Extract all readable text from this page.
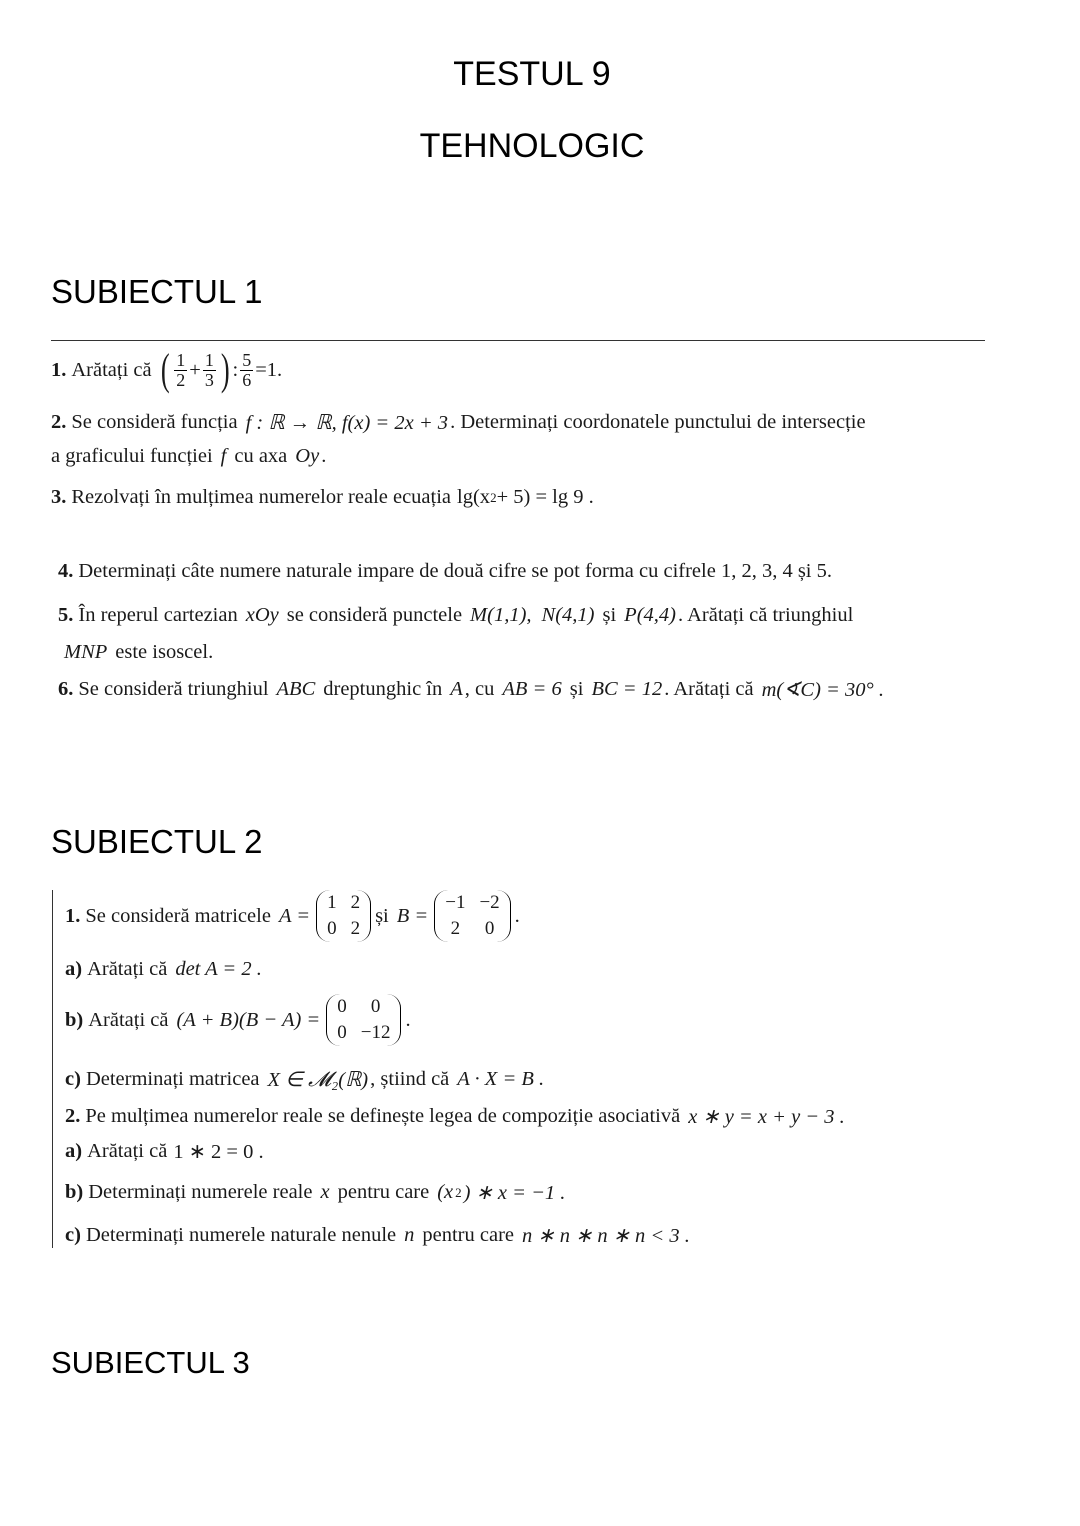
TESTUL 9
TEHNOLOGIC
SUBIECTUL 1
1. Arătați că ( $\frac{1}{2} + \frac{1}{3}$ ) : $\frac{5}{6} =1$.
2. Se consideră funcția f : ℝ → ℝ, f(x) = 2x + 3 . Determinați coordonatele punctului de intersecție
a graficului funcției f cu axa Oy .
3. Rezolvați în mulțimea numerelor reale ecuația lg(x 2 + 5) = lg 9 .
4. Determinați câte numere naturale impare de două cifre se pot forma cu cifrele 1, 2, 3, 4 și 5.
5. În reperul cartezian xOy se consideră punctele M(1,1), N(4,1) și P(4,4) . Arătați că triunghiul
MNP este isoscel.
6. Se consideră triunghiul ABC dreptunghic în A , cu AB = 6 și BC = 12 . Arătați că m(∢C) = 30° .
SUBIECTUL 2
1. Se consideră matricele A =
1 2
0 2
și B =
−1 −2
2 0
.
a) Arătați că det A = 2 .
b) Arătați că (A + B)(B − A) =
0	0
0 −12
.
c) Determinați matricea X ∈ 𝓜₂(ℝ) , știind că A · X = B .
2. Pe mulțimea numerelor reale se definește legea de compoziție asociativă x ∗ y = x + y − 3 .
a) Arătați că 1 ∗ 2 = 0 .
b) Determinați numerele reale x pentru care (x 2 ) ∗ x = −1 .
c) Determinați numerele naturale nenule n pentru care n ∗ n ∗ n ∗ n < 3 .
SUBIECTUL 3
